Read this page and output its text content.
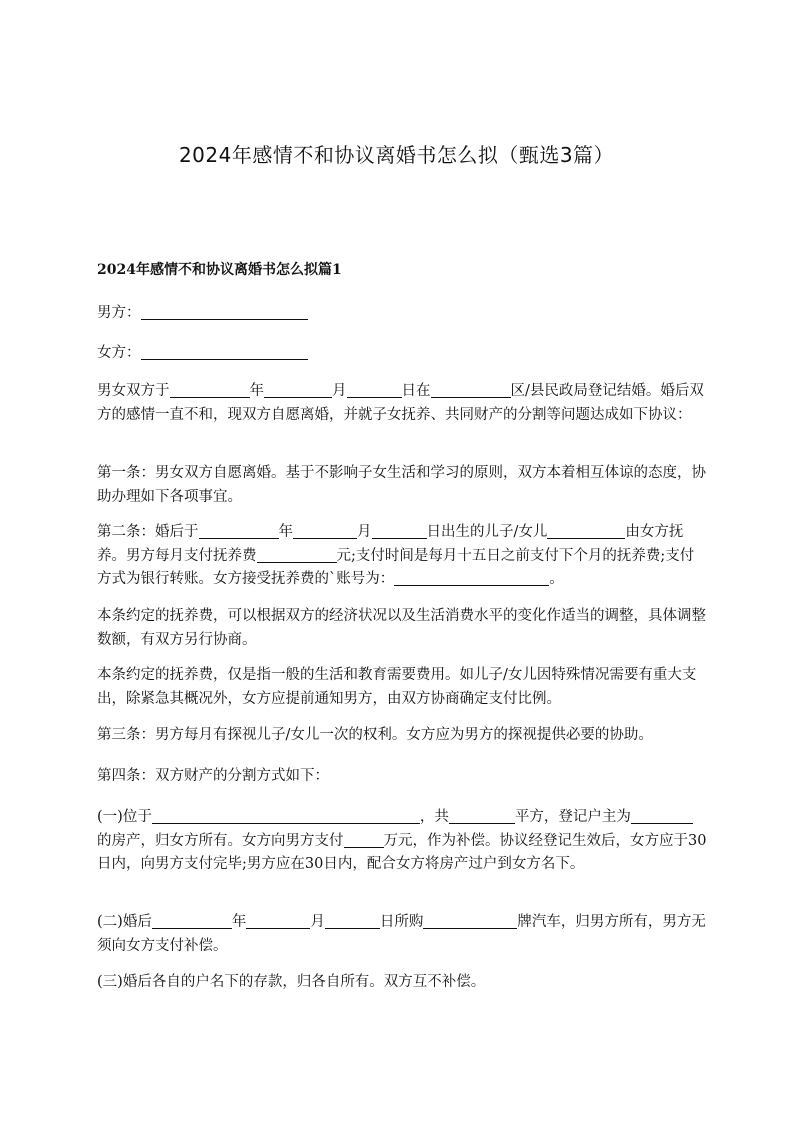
2024年感情不和协议离婚书怎么拟（甄选3篇）
2024年感情不和协议离婚书怎么拟篇1

男方：

女方：

男女双方于	年	月	日在	区/县民政局登记结婚。婚后双方的感情一直不和，现双方自愿离婚，并就子女抚养、共同财产的分割等问题达成如下协议：

第一条：男女双方自愿离婚。基于不影响子女生活和学习的原则，双方本着相互体谅的态度，协助办理如下各项事宜。

第二条：婚后于	年	月	日出生的儿子/女儿	由女方抚养。男方每月支付抚养费	元;支付时间是每月十五日之前支付下个月的抚养费;支付方式为银行转账。女方接受抚养费的`账号为：	。

本条约定的抚养费，可以根据双方的经济状况以及生活消费水平的变化作适当的调整，具体调整数额，有双方另行协商。

本条约定的抚养费，仅是指一般的生活和教育需要费用。如儿子/女儿因特殊情况需要有重大支出，除紧急其概况外，女方应提前通知男方，由双方协商确定支付比例。

第三条：男方每月有探视儿子/女儿一次的权利。女方应为男方的探视提供必要的协助。

第四条：双方财产的分割方式如下：

(一)位于	，共	平方，登记户主为的房产，归女方所有。女方向男方支付	万元，作为补偿。协议经登记生效后，女方应于30日内，向男方支付完毕;男方应在30日内，配合女方将房产过户到女方名下。

(二)婚后	年	月	日所购	牌汽车，归男方所有，男方无须向女方支付补偿。

(三)婚后各自的户名下的存款，归各自所有。双方互不补偿。
